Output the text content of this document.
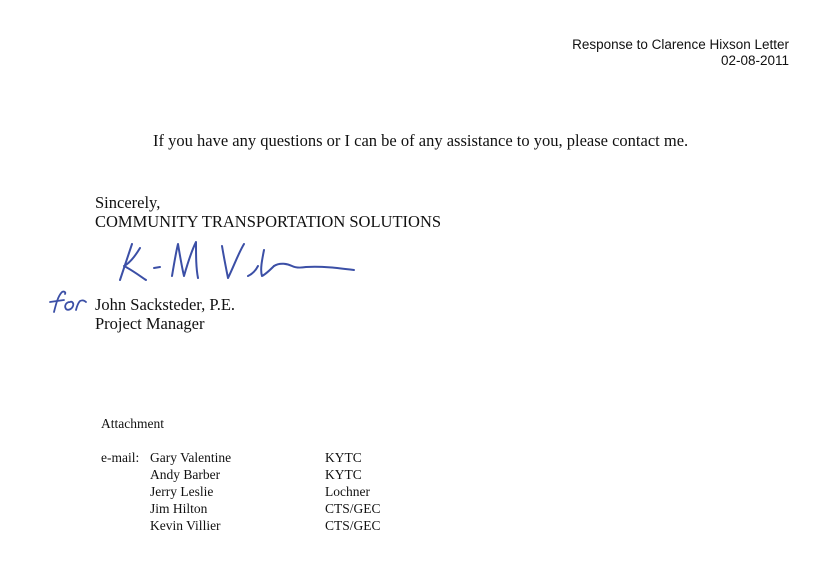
Response to Clarence Hixson Letter
02-08-2011
If you have any questions or I can be of any assistance to you, please contact me.
Sincerely,
COMMUNITY TRANSPORTATION SOLUTIONS
John Sacksteder, P.E.
Project Manager
Attachment
e-mail: Gary Valentine
Andy Barber
Jerry Leslie
Jim Hilton
Kevin Villier
KYTC
KYTC
Lochner
CTS/GEC
CTS/GEC
